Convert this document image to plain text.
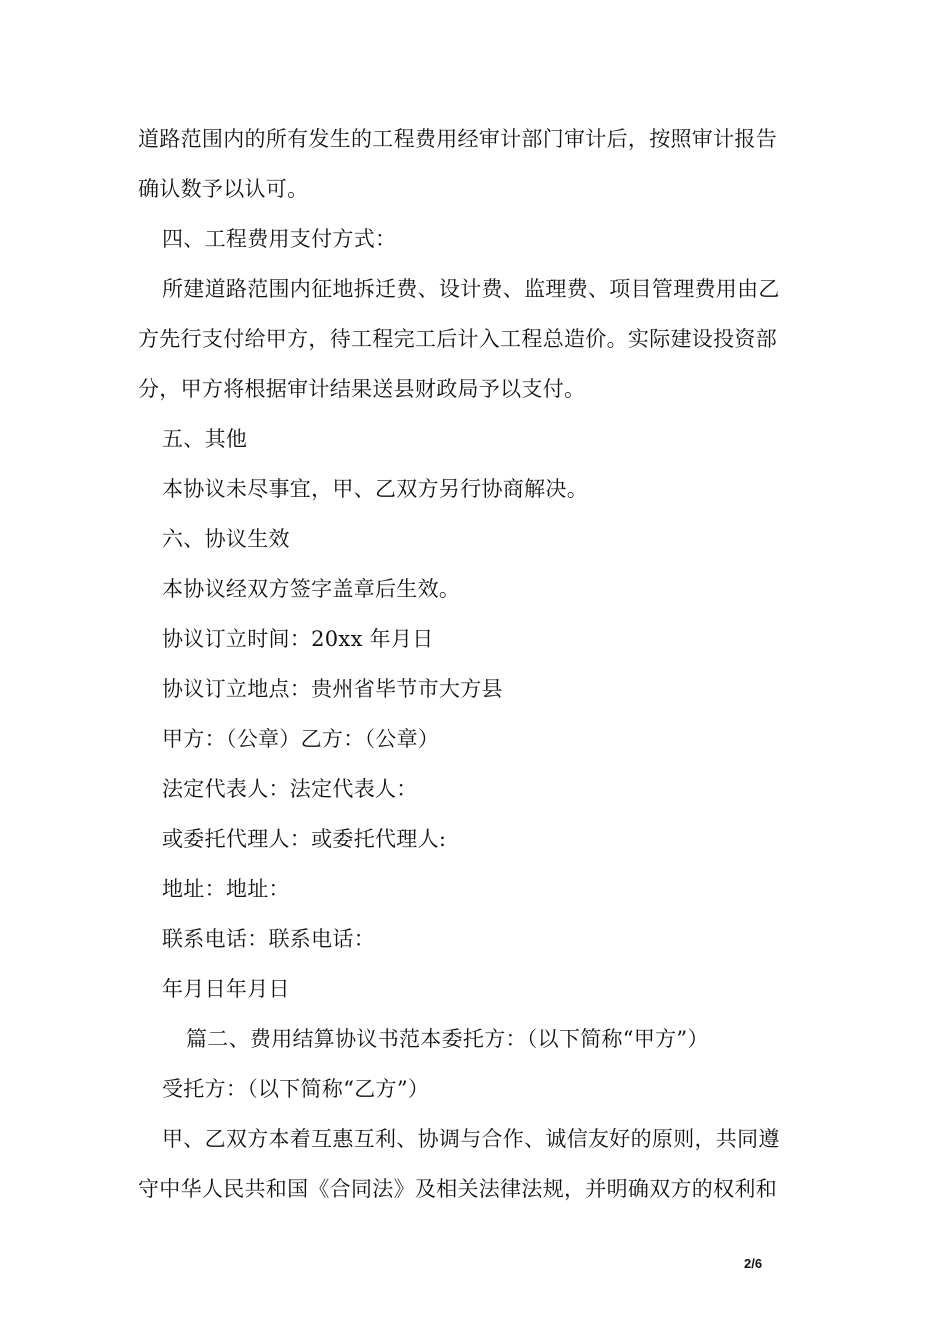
道路范围内的所有发生的工程费用经审计部门审计后，按照审计报告
确认数予以认可。
四、工程费用支付方式：
所建道路范围内征地拆迁费、设计费、监理费、项目管理费用由乙
方先行支付给甲方，待工程完工后计入工程总造价。实际建设投资部
分，甲方将根据审计结果送县财政局予以支付。
五、其他
本协议未尽事宜，甲、乙双方另行协商解决。
六、协议生效
本协议经双方签字盖章后生效。
协议订立时间：20xx 年月日
协议订立地点：贵州省毕节市大方县
甲方：（公章）乙方：（公章）
法定代表人：法定代表人：
或委托代理人：或委托代理人:
地址：地址：
联系电话：联系电话：
年月日年月日
篇二、费用结算协议书范本委托方：（以下简称“甲方”）
受托方：（以下简称“乙方”）
甲、乙双方本着互惠互利、协调与合作、诚信友好的原则，共同遵
守中华人民共和国《合同法》及相关法律法规，并明确双方的权利和
2/6
